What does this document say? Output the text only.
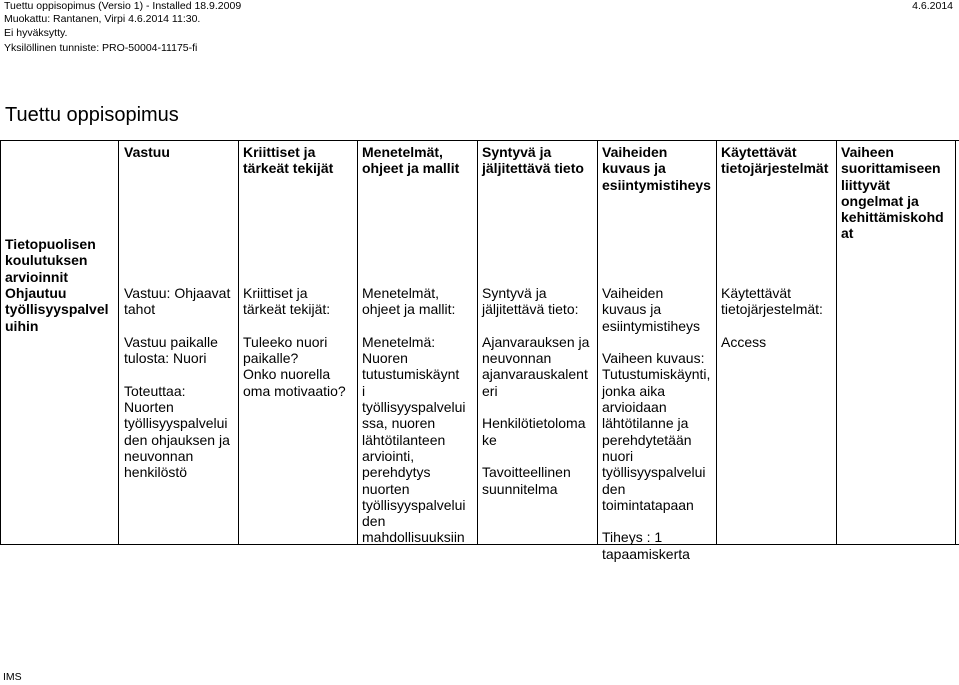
Tuettu oppisopimus (Versio 1) - Installed 18.9.2009
Muokattu: Rantanen, Virpi 4.6.2014 11:30.
Ei hyväksytty.
Yksilöllinen tunniste: PRO-50004-11175-fi
4.6.2014
Tuettu oppisopimus
Vastuu	Kriittiset ja
tärkeät tekijät
Menetelmät,
ohjeet ja mallit
Syntyvä ja
jäljitettävä tieto
Vaiheiden
kuvaus ja
esiintymistiheys
Käytettävät
tietojärjestelmät
Vaiheen
suorittamiseen
liittyvät
ongelmat ja
kehittämiskohd
at
Tietopuolisen
koulutuksen
arvioinnit
Ohjautuu
työllisyyspalvel
uihin
Vastuu: Ohjaavat
tahot

Vastuu paikalle
tulosta: Nuori

Toteuttaa:
Nuorten
työllisyyspalvelui
den ohjauksen ja
neuvonnan
henkilöstö
Kriittiset ja
tärkeät tekijät:

Tuleeko nuori
paikalle?
Onko nuorella
oma motivaatio?
Menetelmät,
ohjeet ja mallit:

Menetelmä:
Nuoren
tutustumiskäynt
i
työllisyyspalvelui
ssa, nuoren
lähtötilanteen
arviointi,
perehdytys
nuorten
työllisyyspalvelui
den
mahdollisuuksiin
Syntyvä ja
jäljitettävä tieto:

Ajanvarauksen ja
neuvonnan
ajanvarauskalent
eri

Henkilötietoloma
ke

Tavoitteellinen
suunnitelma
Vaiheiden
kuvaus ja
esiintymistiheys

Vaiheen kuvaus:
Tutustumiskäynti,
jonka aika
arvioidaan
lähtötilanne ja
perehdytetään
nuori
työllisyyspalvelui
den
toimintatapaan

Tiheys : 1
tapaamiskerta
Käytettävät
tietojärjestelmät:

Access
IMS
